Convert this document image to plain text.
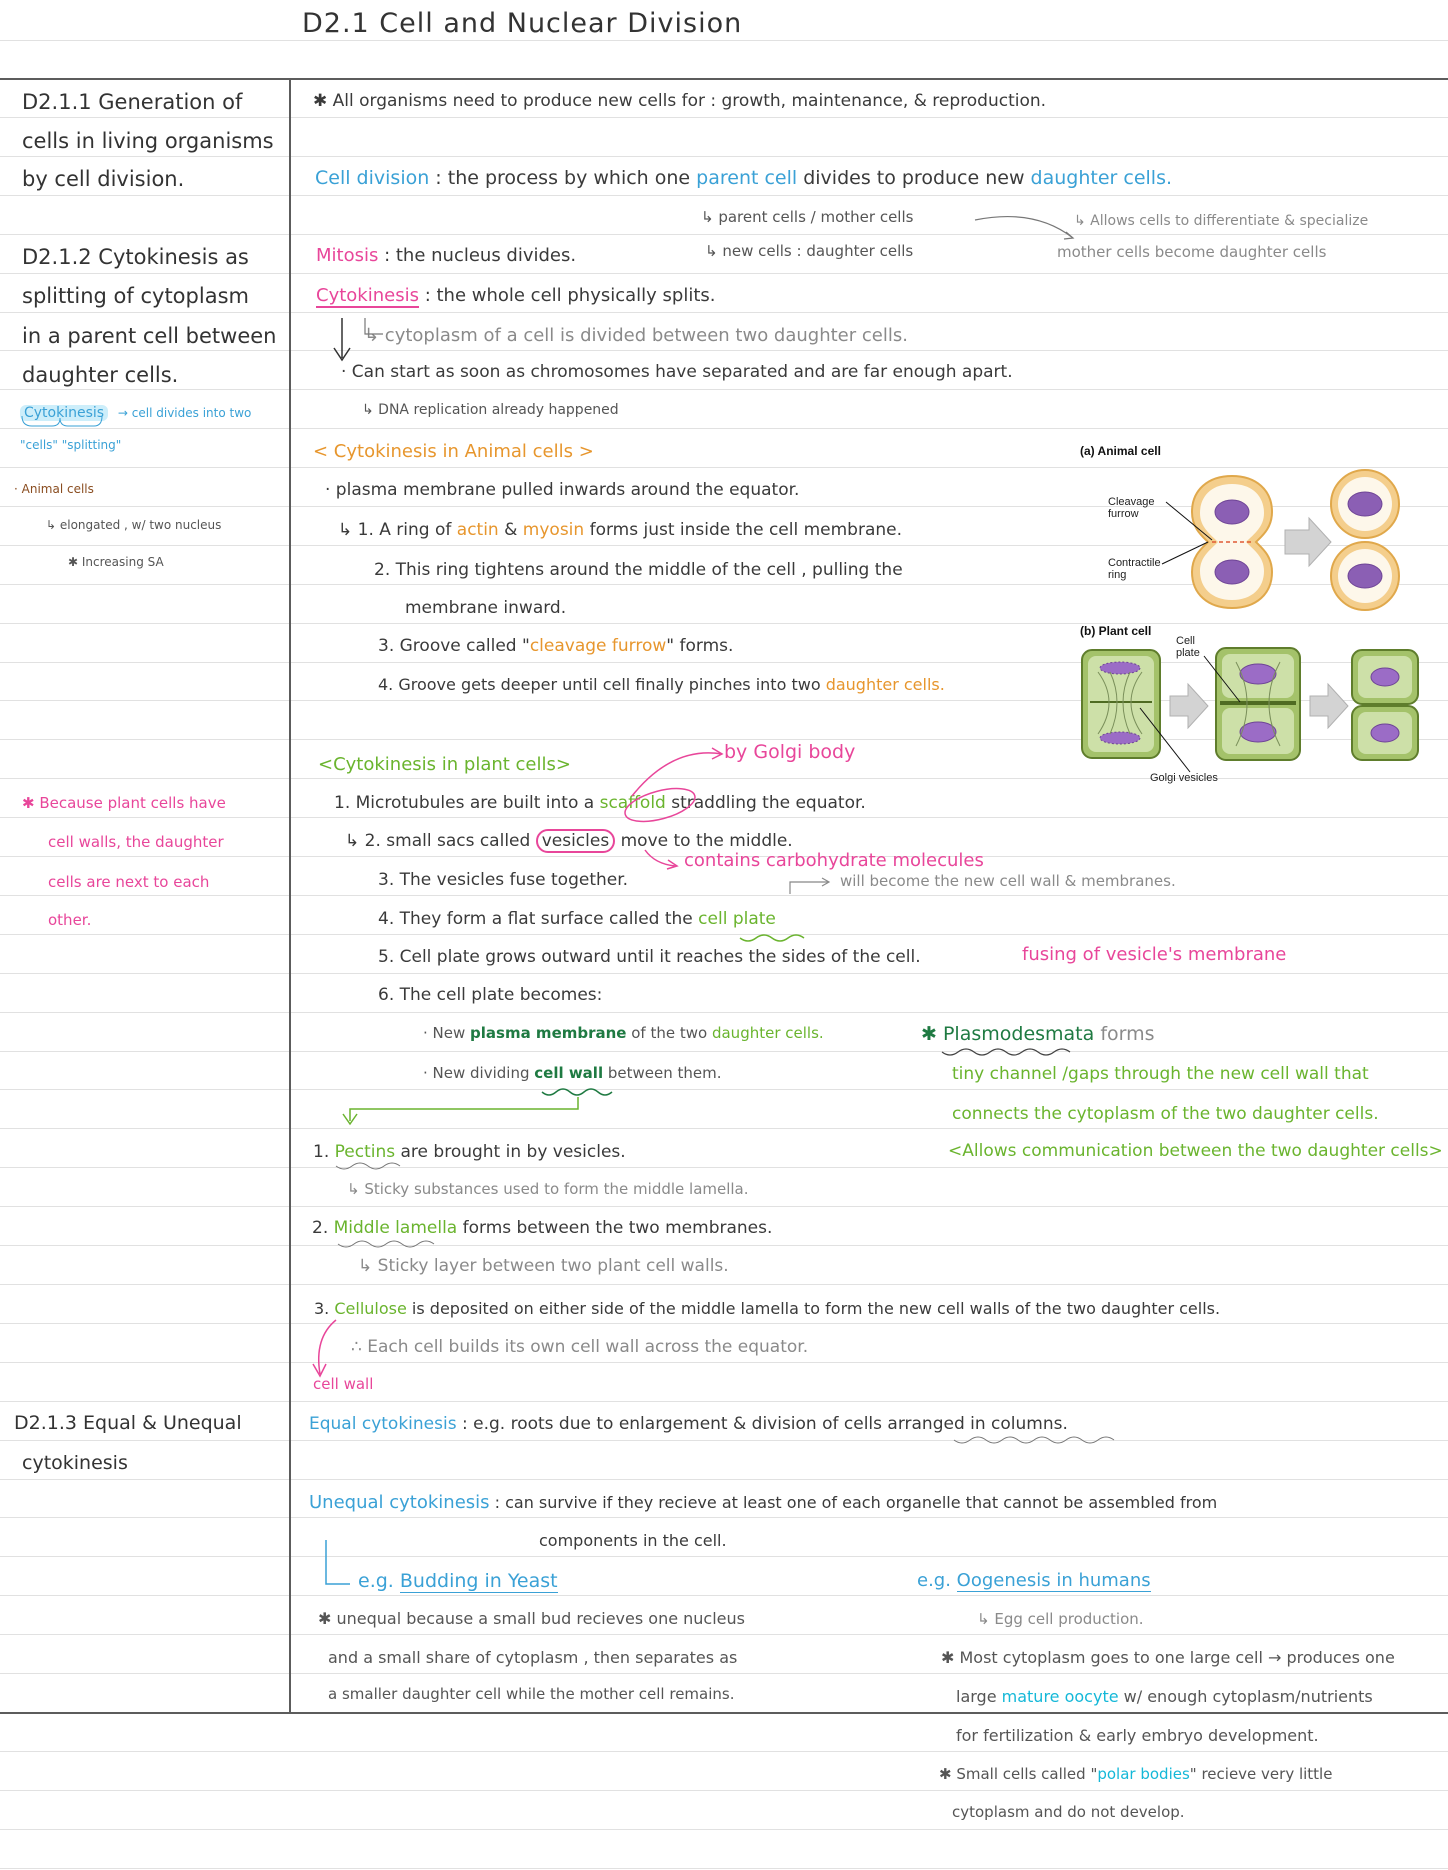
D2.1 Cell and Nuclear Division
D2.1.1 Generation of
cells in living organisms
by cell division.
D2.1.2 Cytokinesis as
splitting of cytoplasm
in a parent cell between
daughter cells.
Cytokinesis → cell divides into two
"cells" "splitting"
· Animal cells
↳ elongated , w/ two nucleus
✱ Increasing SA
✱ Because plant cells have
cell walls, the daughter
cells are next to each
other.
D2.1.3 Equal & Unequal
cytokinesis
✱ All organisms need to produce new cells for : growth, maintenance, & reproduction.
Cell division : the process by which one parent cell divides to produce new daughter cells.
↳ parent cells / mother cells
↳ new cells : daughter cells
↳ Allows cells to differentiate & specialize
mother cells become daughter cells
Mitosis : the nucleus divides.
Cytokinesis : the whole cell physically splits.
↳ cytoplasm of a cell is divided between two daughter cells.
· Can start as soon as chromosomes have separated and are far enough apart.
↳ DNA replication already happened
< Cytokinesis in Animal cells >
· plasma membrane pulled inwards around the equator.
↳ 1. A ring of actin & myosin forms just inside the cell membrane.
2. This ring tightens around the middle of the cell , pulling the
membrane inward.
3. Groove called "cleavage furrow" forms.
4. Groove gets deeper until cell finally pinches into two daughter cells.
<Cytokinesis in plant cells>
by Golgi body
1. Microtubules are built into a scaffold straddling the equator.
↳ 2. small sacs called vesicles move to the middle.
contains carbohydrate molecules
3. The vesicles fuse together.	will become the new cell wall & membranes.
4. They form a flat surface called the cell plate
5. Cell plate grows outward until it reaches the sides of the cell.	fusing of vesicle's membrane
6. The cell plate becomes:
· New plasma membrane of the two daughter cells.
· New dividing cell wall between them.
✱ Plasmodesmata forms
tiny channel /gaps through the new cell wall that
connects the cytoplasm of the two daughter cells.
<Allows communication between the two daughter cells>
1. Pectins are brought in by vesicles.
↳ Sticky substances used to form the middle lamella.
2. Middle lamella forms between the two membranes.
↳ Sticky layer between two plant cell walls.
3. Cellulose is deposited on either side of the middle lamella to form the new cell walls of the two daughter cells.
∴ Each cell builds its own cell wall across the equator.
cell wall
Equal cytokinesis : e.g. roots due to enlargement & division of cells arranged in columns.
Unequal cytokinesis : can survive if they recieve at least one of each organelle that cannot be assembled from
components in the cell.
e.g. Budding in Yeast	e.g. Oogenesis in humans
✱ unequal because a small bud recieves one nucleus
and a small share of cytoplasm , then separates as
a smaller daughter cell while the mother cell remains.
↳ Egg cell production.
✱ Most cytoplasm goes to one large cell → produces one
large mature oocyte w/ enough cytoplasm/nutrients
for fertilization & early embryo development.
✱ Small cells called "polar bodies" recieve very little
cytoplasm and do not develop.
(a) Animal cell
Cleavage
furrow
Contractile
ring
(b) Plant cell
Cell
plate
Golgi vesicles
